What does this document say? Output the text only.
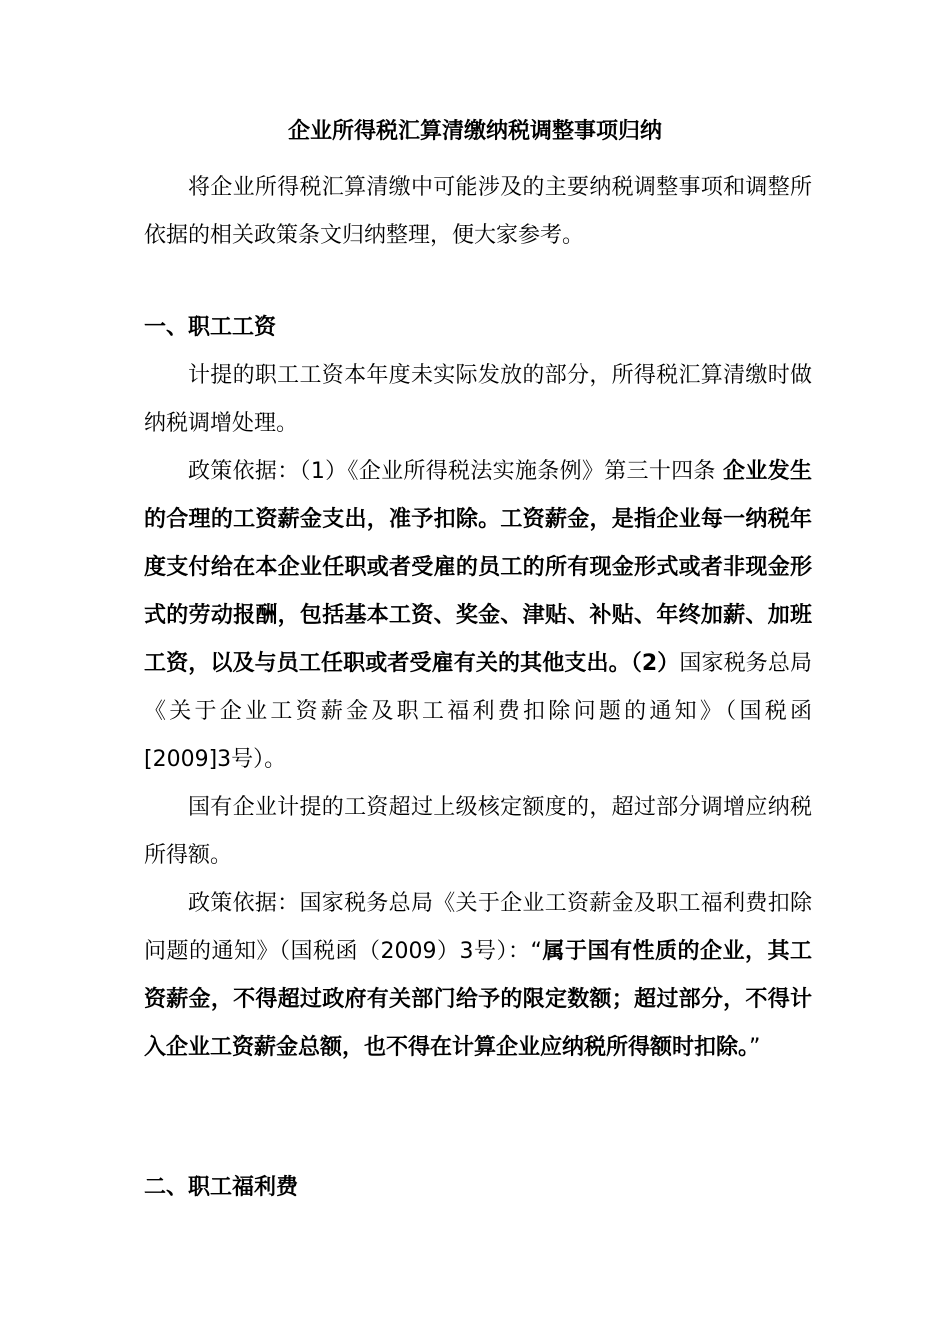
企业所得税汇算清缴纳税调整事项归纳

将企业所得税汇算清缴中可能涉及的主要纳税调整事项和调整所依据的相关政策条文归纳整理，便大家参考。

一、职工工资

计提的职工工资本年度未实际发放的部分，所得税汇算清缴时做纳税调增处理。

政策依据：（1）《企业所得税法实施条例》第三十四条 企业发生的合理的工资薪金支出，准予扣除。工资薪金，是指企业每一纳税年度支付给在本企业任职或者受雇的员工的所有现金形式或者非现金形式的劳动报酬，包括基本工资、奖金、津贴、补贴、年终加薪、加班工资，以及与员工任职或者受雇有关的其他支出。（2）国家税务总局《关于企业工资薪金及职工福利费扣除问题的通知》（国税函[2009]3号）。

国有企业计提的工资超过上级核定额度的，超过部分调增应纳税所得额。

政策依据：国家税务总局《关于企业工资薪金及职工福利费扣除问题的通知》（国税函（2009）3号）：“属于国有性质的企业，其工资薪金，不得超过政府有关部门给予的限定数额；超过部分，不得计入企业工资薪金总额，也不得在计算企业应纳税所得额时扣除。”

二、职工福利费
